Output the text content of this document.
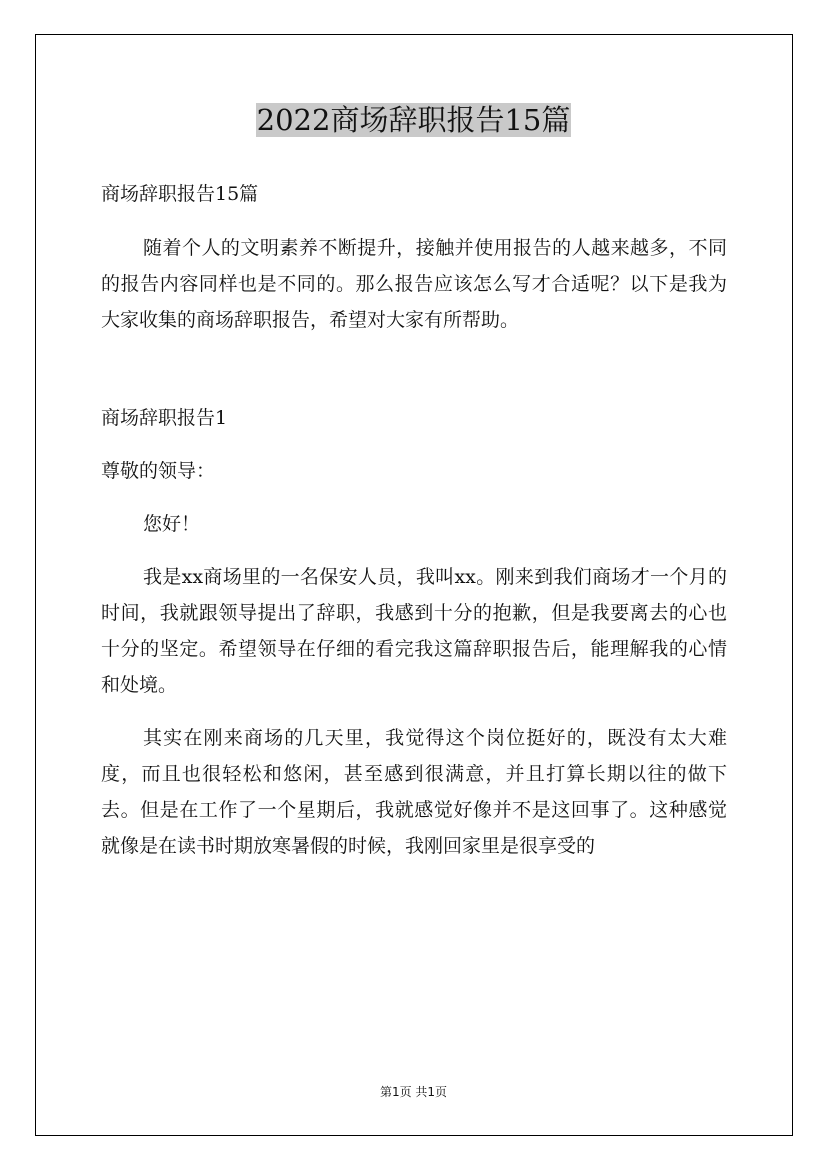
2022商场辞职报告15篇

商场辞职报告15篇

随着个人的文明素养不断提升，接触并使用报告的人越来越多，不同的报告内容同样也是不同的。那么报告应该怎么写才合适呢？以下是我为大家收集的商场辞职报告，希望对大家有所帮助。

商场辞职报告1

尊敬的领导：

您好！

我是xx商场里的一名保安人员，我叫xx。刚来到我们商场才一个月的时间，我就跟领导提出了辞职，我感到十分的抱歉，但是我要离去的心也十分的坚定。希望领导在仔细的看完我这篇辞职报告后，能理解我的心情和处境。

其实在刚来商场的几天里，我觉得这个岗位挺好的，既没有太大难度，而且也很轻松和悠闲，甚至感到很满意，并且打算长期以往的做下去。但是在工作了一个星期后，我就感觉好像并不是这回事了。这种感觉就像是在读书时期放寒暑假的时候，我刚回家里是很享受的

第1页 共1页
